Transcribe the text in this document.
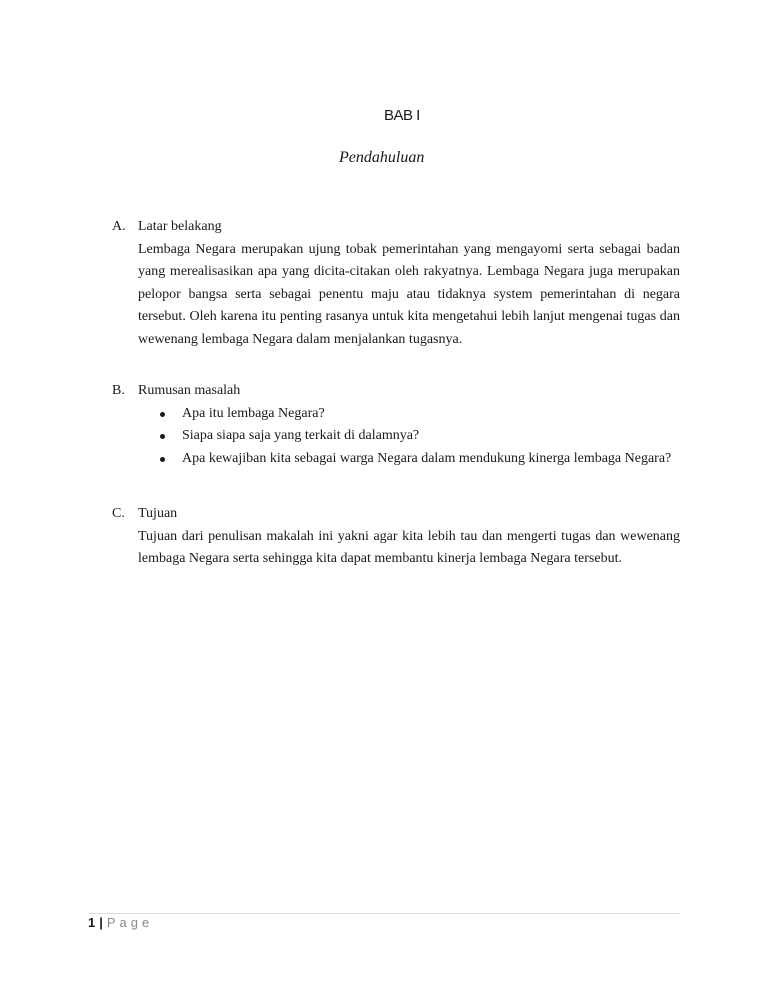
BAB I
Pendahuluan
A. Latar belakang
Lembaga Negara merupakan ujung tobak pemerintahan yang mengayomi serta sebagai badan yang merealisasikan apa yang dicita-citakan oleh rakyatnya. Lembaga Negara juga merupakan pelopor bangsa serta sebagai penentu maju atau tidaknya system pemerintahan di negara tersebut. Oleh karena itu penting rasanya untuk kita mengetahui lebih lanjut mengenai tugas dan wewenang lembaga Negara dalam menjalankan tugasnya.
B. Rumusan masalah
Apa itu lembaga Negara?
Siapa siapa saja yang terkait di dalamnya?
Apa kewajiban kita sebagai warga Negara dalam mendukung kinerga lembaga Negara?
C. Tujuan
Tujuan dari penulisan makalah ini yakni agar kita lebih tau dan mengerti tugas dan wewenang lembaga Negara serta sehingga kita dapat membantu kinerja lembaga Negara tersebut.
1 | Page
